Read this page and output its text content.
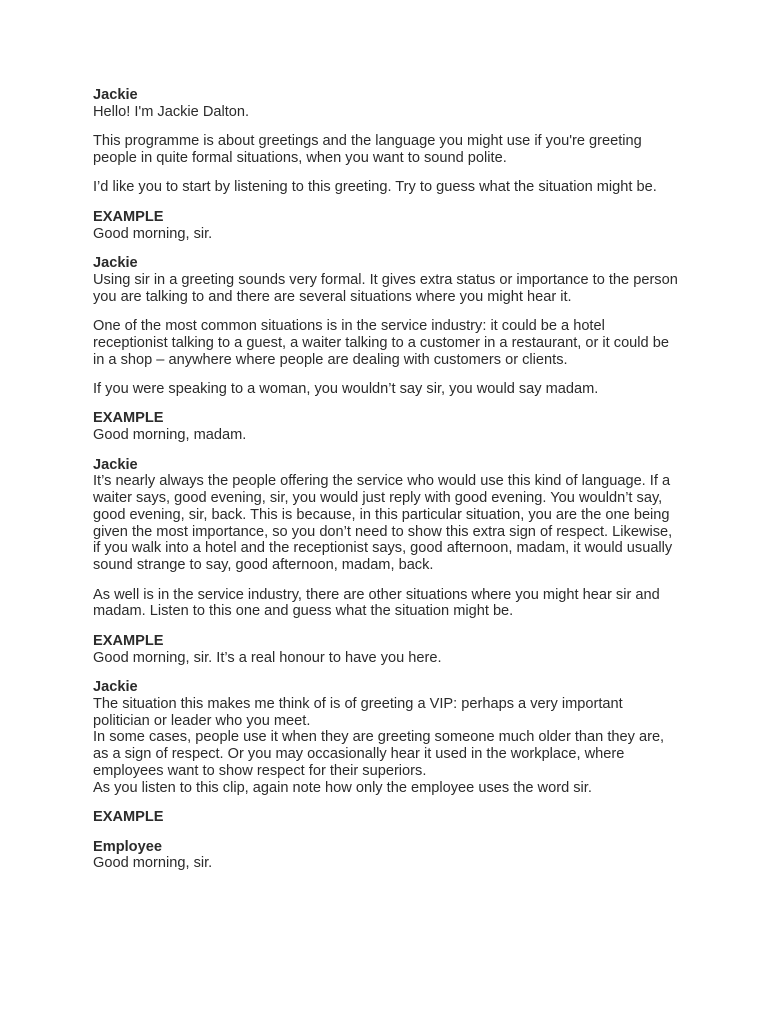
Jackie
Hello! I'm Jackie Dalton.
This programme is about greetings and the language you might use if you're greeting people in quite formal situations, when you want to sound polite.
I’d like you to start by listening to this greeting. Try to guess what the situation might be.
EXAMPLE
Good morning, sir.
Jackie
Using sir in a greeting sounds very formal. It gives extra status or importance to the person you are talking to and there are several situations where you might hear it.
One of the most common situations is in the service industry: it could be a hotel receptionist talking to a guest, a waiter talking to a customer in a restaurant, or it could be in a shop – anywhere where people are dealing with customers or clients.
If you were speaking to a woman, you wouldn’t say sir, you would say madam.
EXAMPLE
Good morning, madam.
Jackie
It’s nearly always the people offering the service who would use this kind of language. If a waiter says, good evening, sir, you would just reply with good evening. You wouldn’t say, good evening, sir, back. This is because, in this particular situation, you are the one being given the most importance, so you don’t need to show this extra sign of respect. Likewise, if you walk into a hotel and the receptionist says, good afternoon, madam, it would usually sound strange to say, good afternoon, madam, back.
As well is in the service industry, there are other situations where you might hear sir and madam. Listen to this one and guess what the situation might be.
EXAMPLE
Good morning, sir. It’s a real honour to have you here.
Jackie
The situation this makes me think of is of greeting a VIP: perhaps a very important politician or leader who you meet.
In some cases, people use it when they are greeting someone much older than they are, as a sign of respect. Or you may occasionally hear it used in the workplace, where employees want to show respect for their superiors.
As you listen to this clip, again note how only the employee uses the word sir.
EXAMPLE
Employee
Good morning, sir.
